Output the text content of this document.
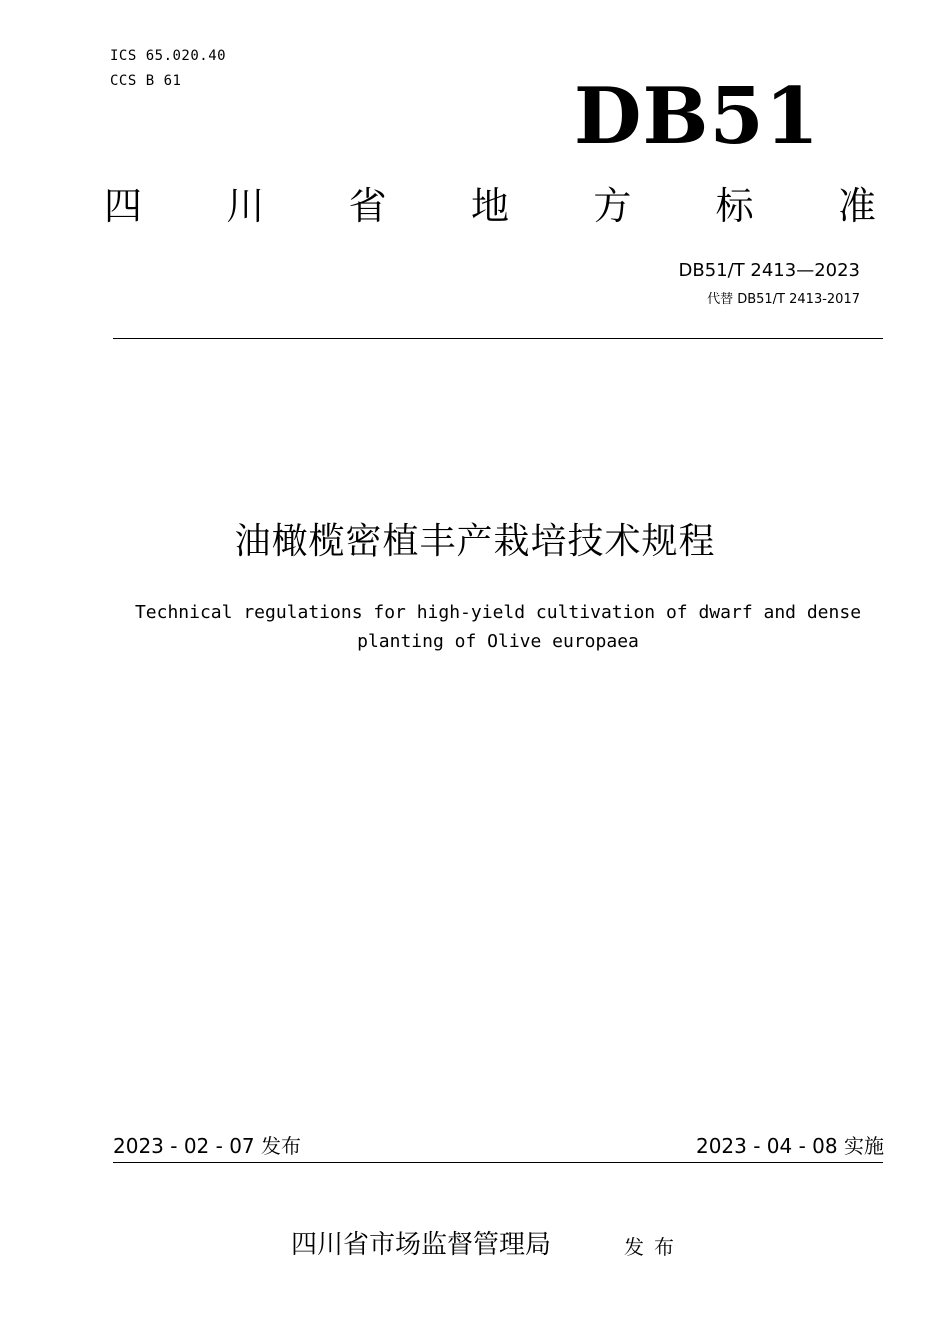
ICS 65.020.40
CCS B 61	DB51
四 川 省 地 方 标 准
DB51/T 2413—2023
代替 DB51/T 2413-2017
油橄榄密植丰产栽培技术规程
Technical regulations for high-yield cultivation of dwarf and dense
planting of Olive europaea
2023 - 02 - 07 发布	2023 - 04 - 08 实施
四川省市场监督管理局	发布
